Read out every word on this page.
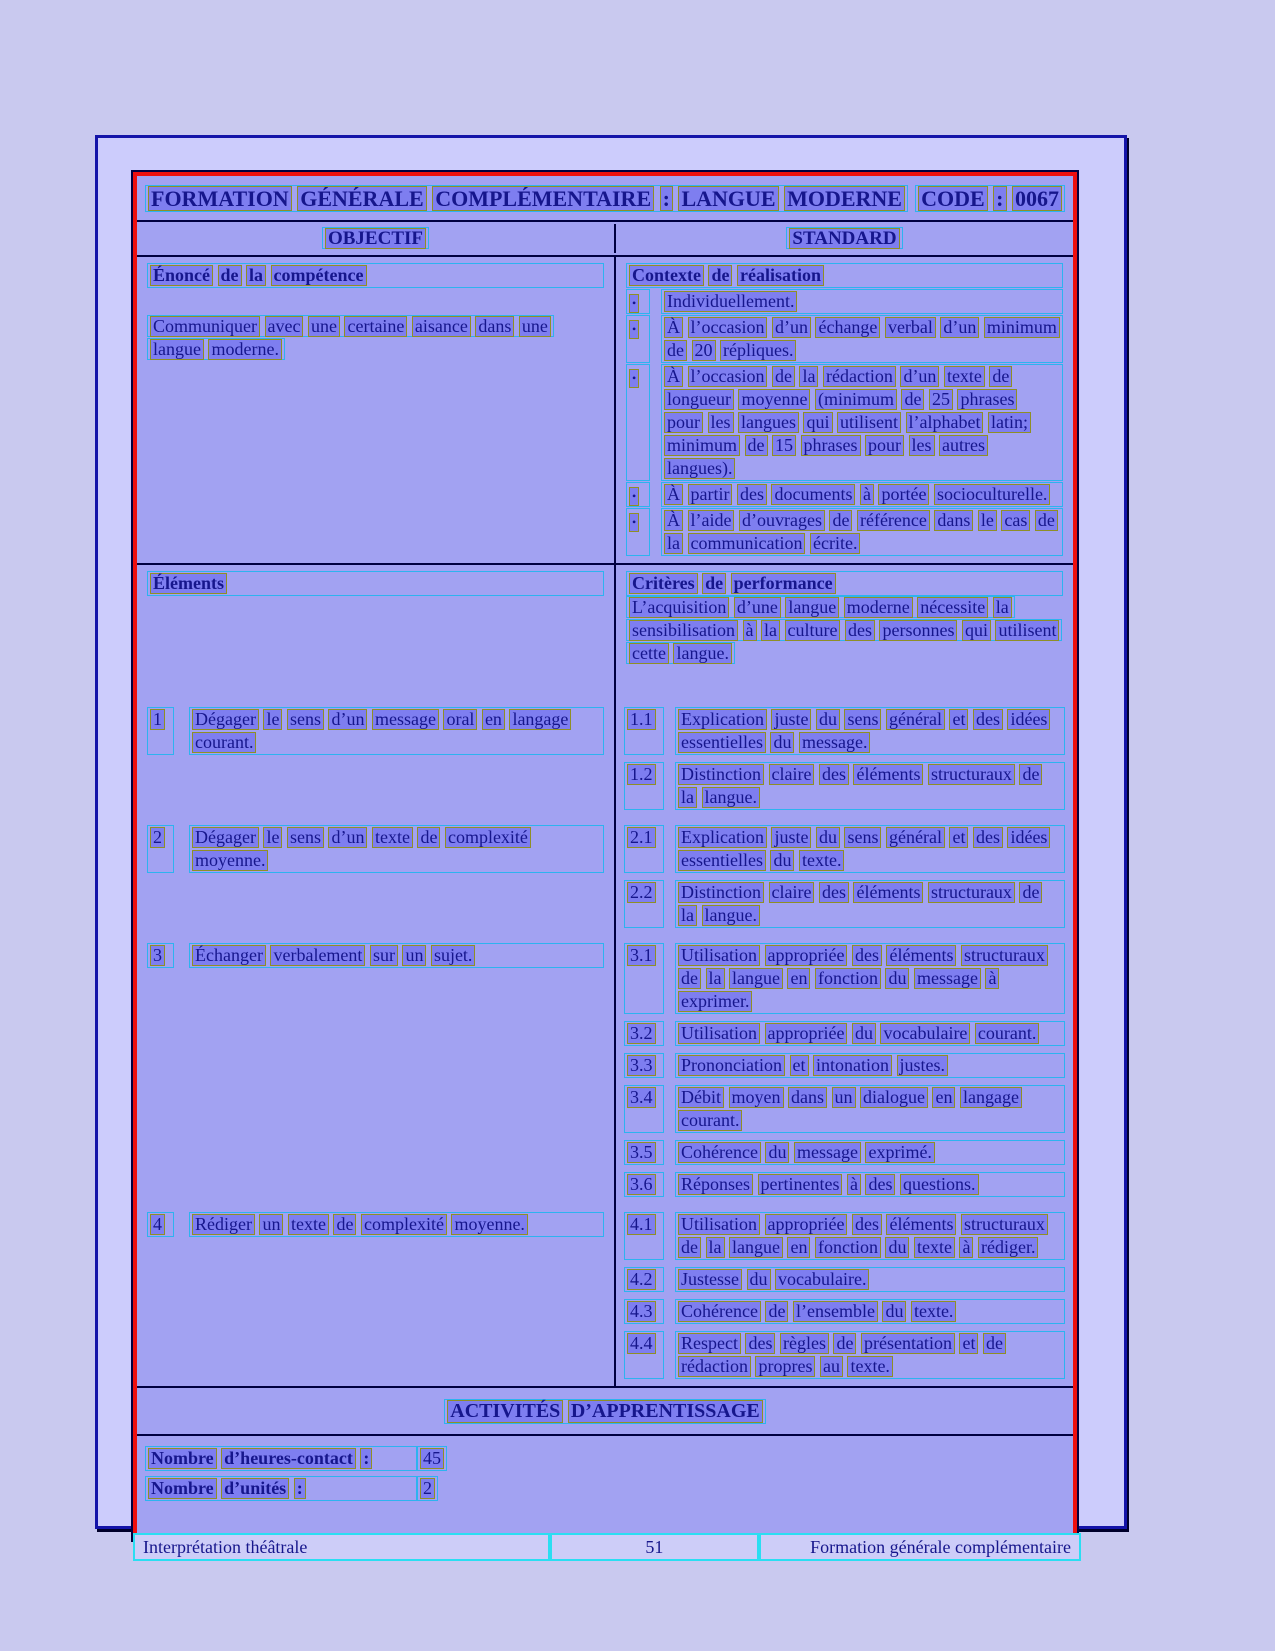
FORMATION GÉNÉRALE COMPLÉMENTAIRE : LANGUE MODERNE CODE : 0067
OBJECTIF	STANDARD
Énoncé de la compétence
Communiquer avec une certaine aisance dans une langue moderne.
Contexte de réalisation
•	Individuellement.
•	À l’occasion d’un échange verbal d’un minimum de 20 répliques.
•	À l’occasion de la rédaction d’un texte de longueur moyenne (minimum de 25 phrases pour les langues qui utilisent l’alphabet latin; minimum de 15 phrases pour les autres langues).
•	À partir des documents à portée socioculturelle.
•	À l’aide d’ouvrages de référence dans le cas de la communication écrite.
Éléments	Critères de performance
L’acquisition d’une langue moderne nécessite la sensibilisation à la culture des personnes qui utilisent cette langue.
1	Dégager le sens d’un message oral en langage courant.
1.1	Explication juste du sens général et des idées essentielles du message.
1.2	Distinction claire des éléments structuraux de la langue.
2	Dégager le sens d’un texte de complexité moyenne.
2.1	Explication juste du sens général et des idées essentielles du texte.
2.2	Distinction claire des éléments structuraux de la langue.
3	Échanger verbalement sur un sujet.	3.1	Utilisation appropriée des éléments structuraux de la langue en fonction du message à exprimer.
3.2	Utilisation appropriée du vocabulaire courant.
3.3	Prononciation et intonation justes.
3.4	Débit moyen dans un dialogue en langage courant.
3.5	Cohérence du message exprimé.
3.6	Réponses pertinentes à des questions.
4	Rédiger un texte de complexité moyenne.	4.1	Utilisation appropriée des éléments structuraux de la langue en fonction du texte à rédiger.
4.2	Justesse du vocabulaire.
4.3	Cohérence de l’ensemble du texte.
4.4	Respect des règles de présentation et de rédaction propres au texte.
ACTIVITÉS D’APPRENTISSAGE
Nombre d’heures-contact :	45
Nombre d’unités :	2
Interprétation théâtrale	51	Formation générale complémentaire
